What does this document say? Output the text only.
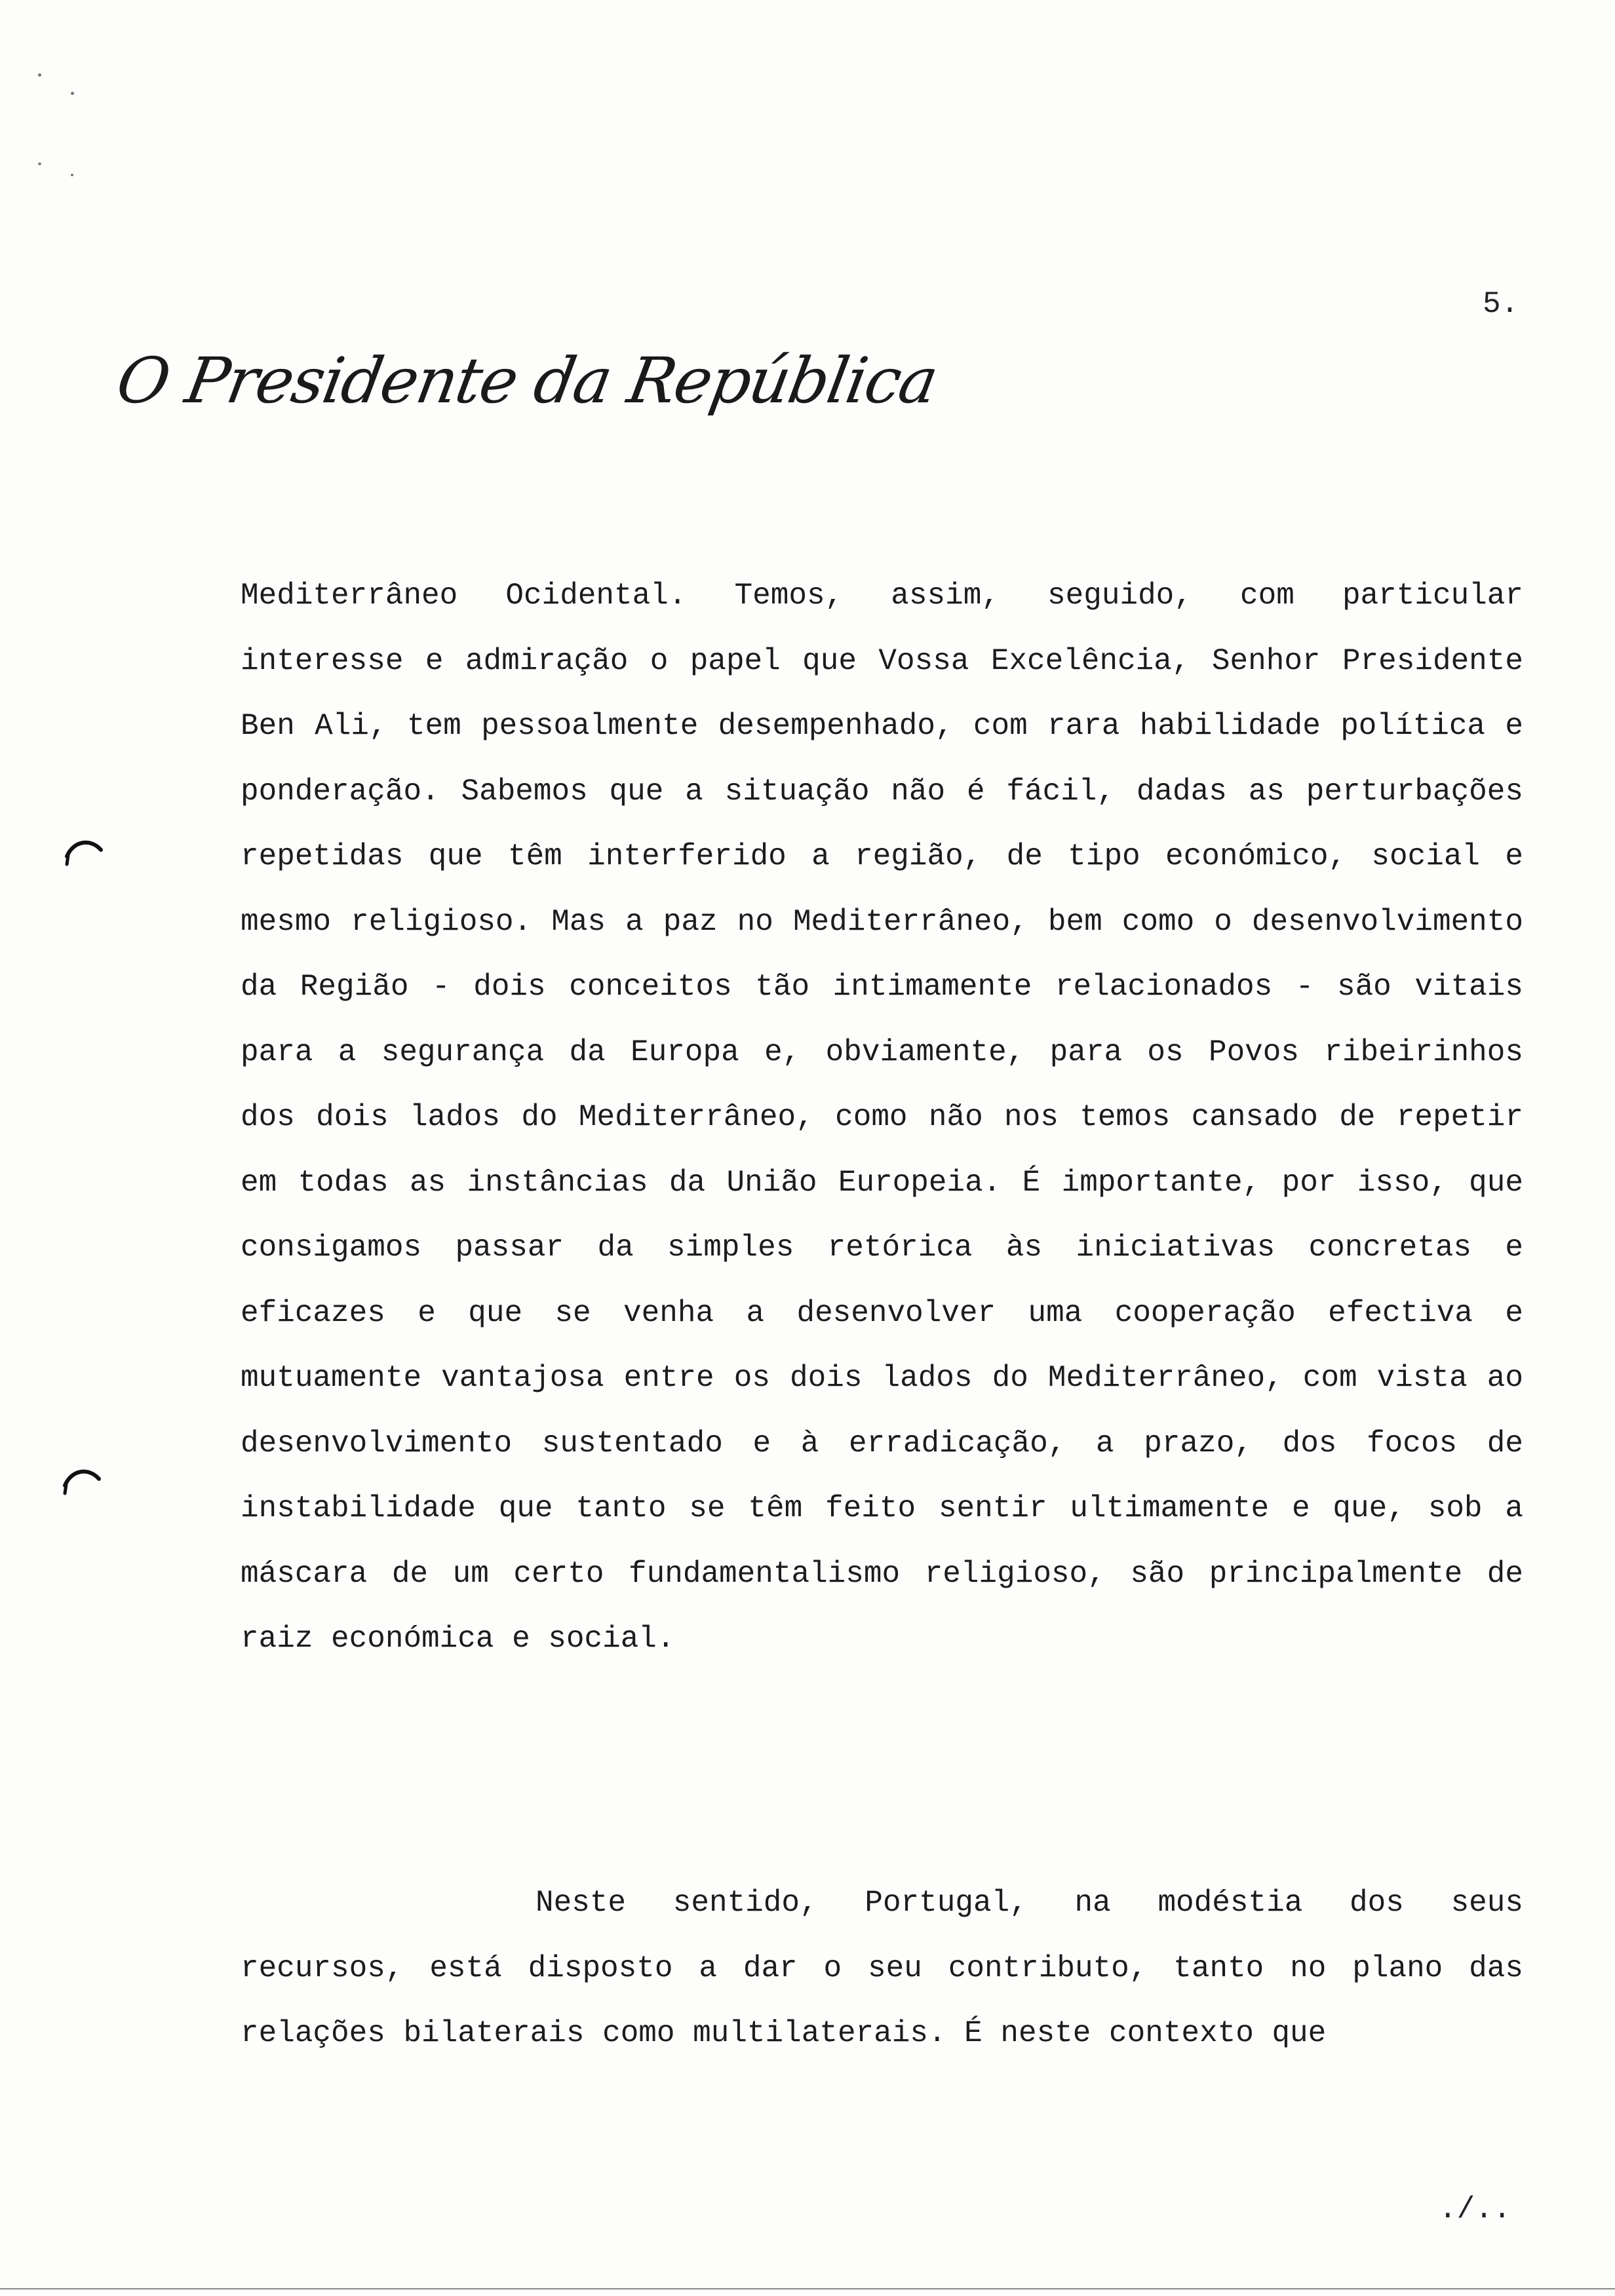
5.
O Presidente da República

Mediterrâneo Ocidental. Temos, assim, seguido, com particular interesse e admiração o papel que Vossa Excelência, Senhor Presidente Ben Ali, tem pessoalmente desempenhado, com rara habilidade política e ponderação. Sabemos que a situação não é fácil, dadas as perturbações repetidas que têm interferido a região, de tipo económico, social e mesmo religioso. Mas a paz no Mediterrâneo, bem como o desenvolvimento da Região - dois conceitos tão intimamente relacionados - são vitais para a segurança da Europa e, obviamente, para os Povos ribeirinhos dos dois lados do Mediterrâneo, como não nos temos cansado de repetir em todas as instâncias da União Europeia. É importante, por isso, que consigamos passar da simples retórica às iniciativas concretas e eficazes e que se venha a desenvolver uma cooperação efectiva e mutuamente vantajosa entre os dois lados do Mediterrâneo, com vista ao desenvolvimento sustentado e à erradicação, a prazo, dos focos de instabilidade que tanto se têm feito sentir ultimamente e que, sob a máscara de um certo fundamentalismo religioso, são principalmente de raiz económica e social.

Neste sentido, Portugal, na modéstia dos seus recursos, está disposto a dar o seu contributo, tanto no plano das relações bilaterais como multilaterais. É neste contexto que

./..
